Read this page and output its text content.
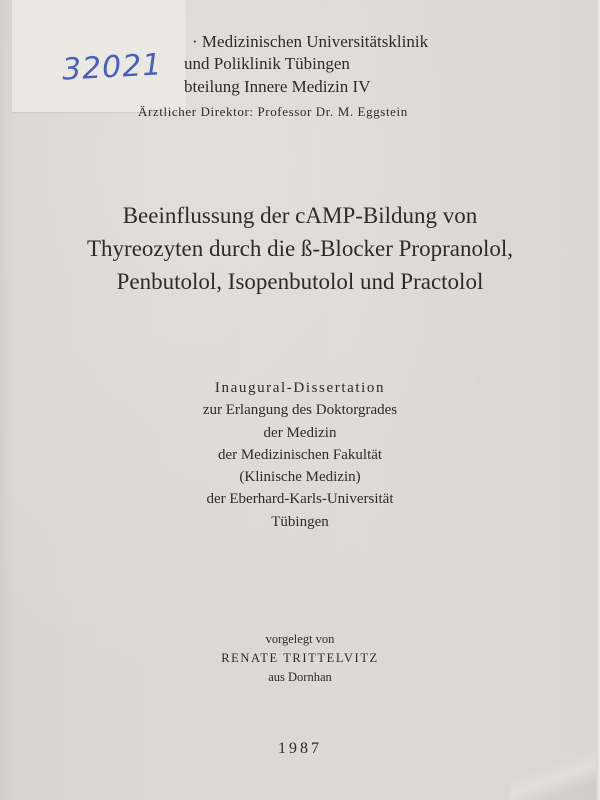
32021
· Medizinischen Universitätsklinik
und Poliklinik Tübingen
bteilung Innere Medizin IV
Ärztlicher Direktor: Professor Dr. M. Eggstein
Beeinflussung der cAMP-Bildung von
Thyreozyten durch die ß-Blocker Propranolol,
Penbutolol, Isopenbutolol und Practolol
Inaugural-Dissertation
zur Erlangung des Doktorgrades
der Medizin
der Medizinischen Fakultät
(Klinische Medizin)
der Eberhard-Karls-Universität
Tübingen
vorgelegt von
RENATE TRITTELVITZ
aus Dornhan
1987
